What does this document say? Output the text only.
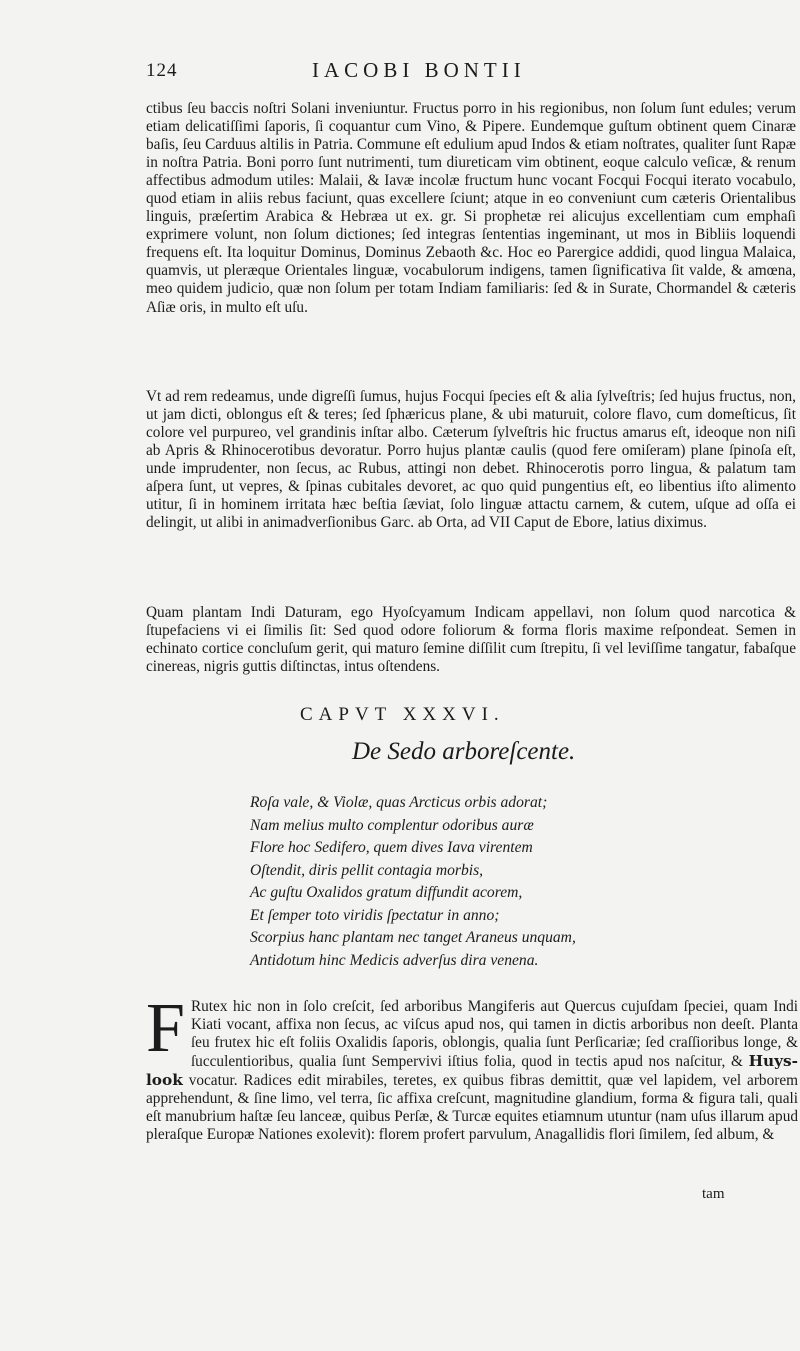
124	IACOBI BONTII

ctibus ſeu baccis noſtri Solani inveniuntur. Fructus porro in his regionibus, non ſolum ſunt edules; verum etiam delicatiſſimi ſaporis, ſi coquantur cum Vino, & Pipere. Eundemque guſtum obtinent quem Cinaræ baſis, ſeu Carduus altilis in Patria. Commune eſt edulium apud Indos & etiam noſtrates, qualiter ſunt Rapæ in noſtra Patria. Boni porro ſunt nutrimenti, tum diureticam vim obtinent, eoque calculo veſicæ, & renum affectibus admodum utiles: Malaii, & Iavæ incolæ fructum hunc vocant Focqui Focqui iterato vocabulo, quod etiam in aliis rebus faciunt, quas excellere ſciunt; atque in eo conveniunt cum cæteris Orientalibus linguis, præſertim Arabica & Hebræa ut ex. gr. Si prophetæ rei alicujus excellentiam cum emphaſi exprimere volunt, non ſolum dictiones; ſed integras ſententias ingeminant, ut mos in Bibliis loquendi frequens eſt. Ita loquitur Dominus, Dominus Zebaoth &c. Hoc eo Parergice addidi, quod lingua Malaica, quamvis, ut pleræque Orientales linguæ, vocabulorum indigens, tamen ſignificativa ſit valde, & amœna, meo quidem judicio, quæ non ſolum per totam Indiam familiaris: ſed & in Surate, Chormandel & cæteris Aſiæ oris, in multo eſt uſu.

Vt ad rem redeamus, unde digreſſi ſumus, hujus Focqui ſpecies eſt & alia ſylveſtris; ſed hujus fructus, non, ut jam dicti, oblongus eſt & teres; ſed ſphæricus plane, & ubi maturuit, colore flavo, cum domeſticus, ſit colore vel purpureo, vel grandinis inſtar albo. Cæterum ſylveſtris hic fructus amarus eſt, ideoque non niſi ab Apris & Rhinocerotibus devoratur. Porro hujus plantæ caulis (quod fere omiſeram) plane ſpinoſa eſt, unde imprudenter, non ſecus, ac Rubus, attingi non debet. Rhinocerotis porro lingua, & palatum tam aſpera ſunt, ut vepres, & ſpinas cubitales devoret, ac quo quid pungentius eſt, eo libentius iſto alimento utitur, ſi in hominem irritata hæc beſtia ſæviat, ſolo linguæ attactu carnem, & cutem, uſque ad oſſa ei delingit, ut alibi in animadverſionibus Garc. ab Orta, ad VII Caput de Ebore, latius diximus.

Quam plantam Indi Daturam, ego Hyoſcyamum Indicam appellavi, non ſolum quod narcotica & ſtupefaciens vi ei ſimilis ſit: Sed quod odore foliorum & forma floris maxime reſpondeat. Semen in echinato cortice concluſum gerit, qui maturo ſemine diſſilit cum ſtrepitu, ſi vel leviſſime tangatur, fabaſque cinereas, nigris guttis diſtinctas, intus oſtendens.

CAPVT XXXVI.
De Sedo arboreſcente.
Roſa vale, & Violæ, quas Arcticus orbis adorat;
Nam melius multo complentur odoribus auræ
Flore hoc Sedifero, quem dives Iava virentem
Oſtendit, diris pellit contagia morbis,
Ac guſtu Oxalidos gratum diffundit acorem,
Et ſemper toto viridis ſpectatur in anno;
Scorpius hanc plantam nec tanget Araneus unquam,
Antidotum hinc Medicis adverſus dira venena.

F Rutex hic non in ſolo creſcit, ſed arboribus Mangiferis aut Quercus cujuſdam ſpeciei, quam Indi Kiati vocant, affixa non ſecus, ac viſcus apud nos, qui tamen in dictis arboribus non deeſt. Planta ſeu frutex hic eſt foliis Oxalidis ſaporis, oblongis, qualia ſunt Perſicariæ; ſed craſſioribus longe, & ſucculentioribus, qualia ſunt Sempervivi iſtius folia, quod in tectis apud nos naſcitur, & Huys-look vocatur. Radices edit mirabiles, teretes, ex quibus fibras demittit, quæ vel lapidem, vel arborem apprehendunt, & ſine limo, vel terra, ſic affixa creſcunt, magnitudine glandium, forma & figura tali, quali eſt manubrium haſtæ ſeu lanceæ, quibus Perſæ, & Turcæ equites etiamnum utuntur (nam uſus illarum apud pleraſque Europæ Nationes exolevit): florem profert parvulum, Anagallidis flori ſimilem, ſed album, &

tam
